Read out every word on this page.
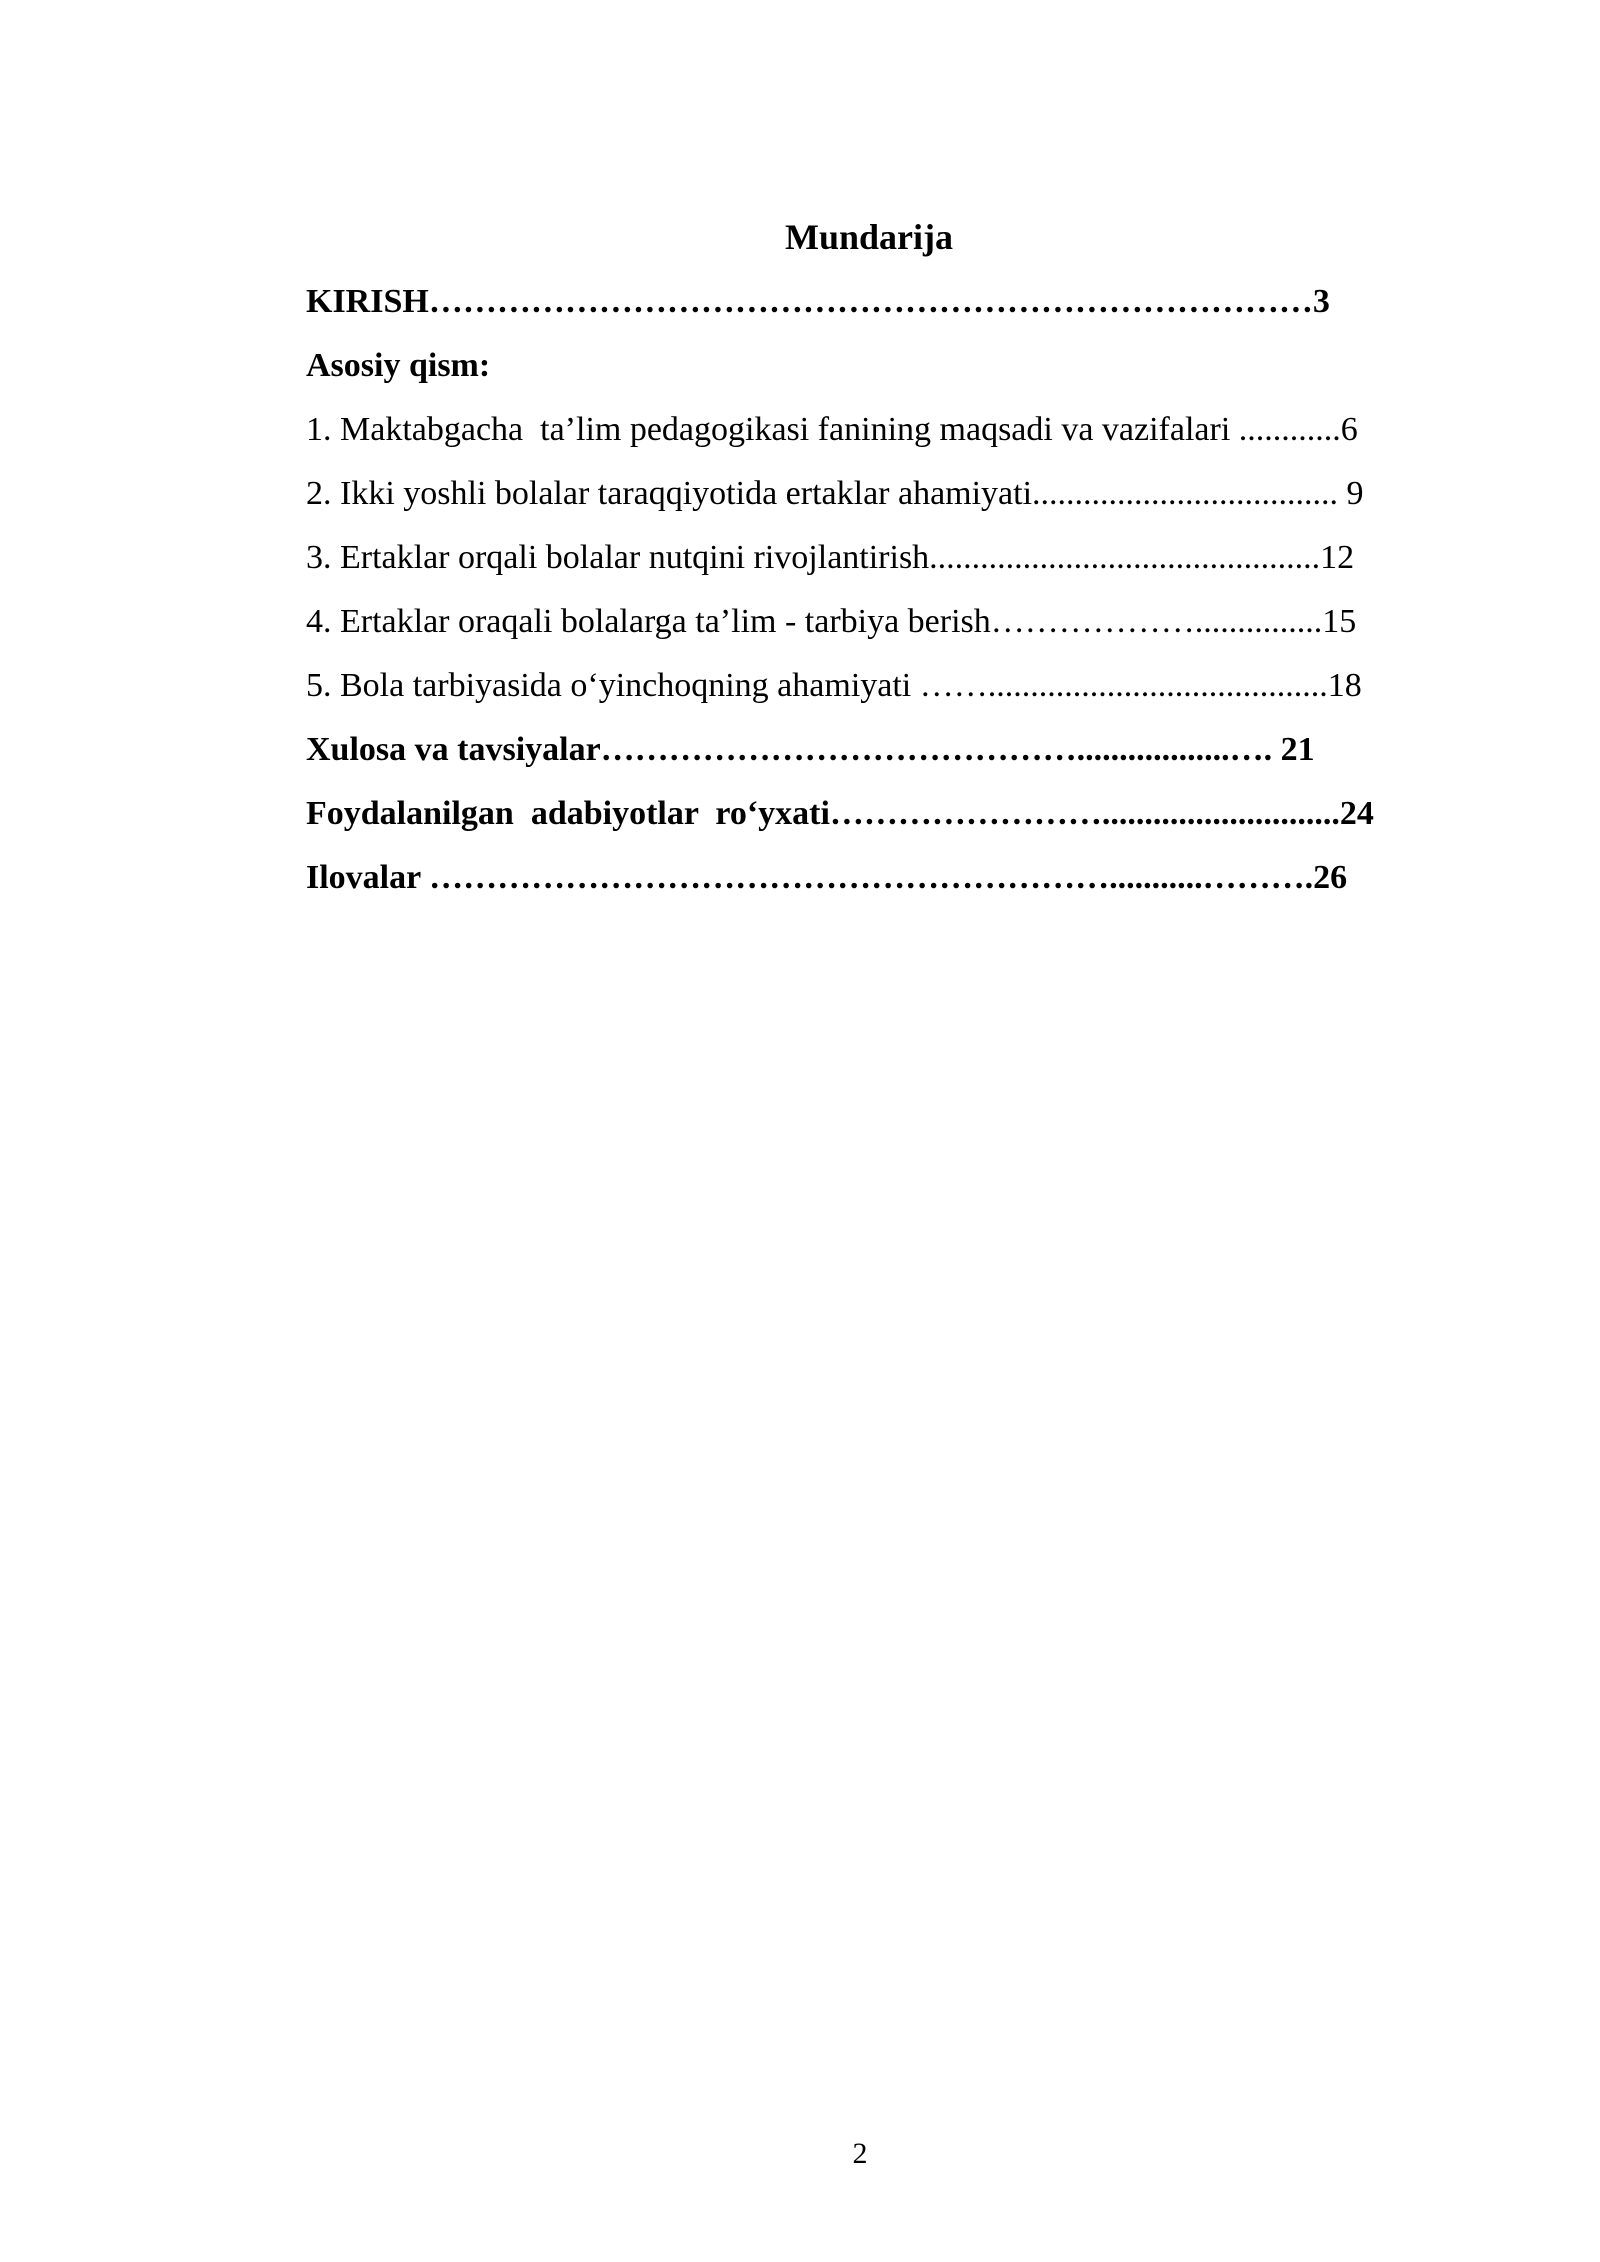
Mundarija
KIRISH……………………………………………………………………3
Asosiy qism:
1. Maktabgacha  ta’lim pedagogikasi fanining maqsadi va vazifalari ............6
2. Ikki yoshli bolalar taraqqiyotida ertaklar ahamiyati.................................... 9
3. Ertaklar orqali bolalar nutqini rivojlantirish..............................................12
4. Ertaklar oraqali bolalarga ta’lim - tarbiya berish………………...............15
5. Bola tarbiyasida o‘yinchoqning ahamiyati ……........................................18
Xulosa va tavsiyalar……………………………………..................…. 21
Foydalanilgan  adabiyotlar  ro‘yxati……………………............................24
Ilovalar ……………………………………………………...........……….26
2
